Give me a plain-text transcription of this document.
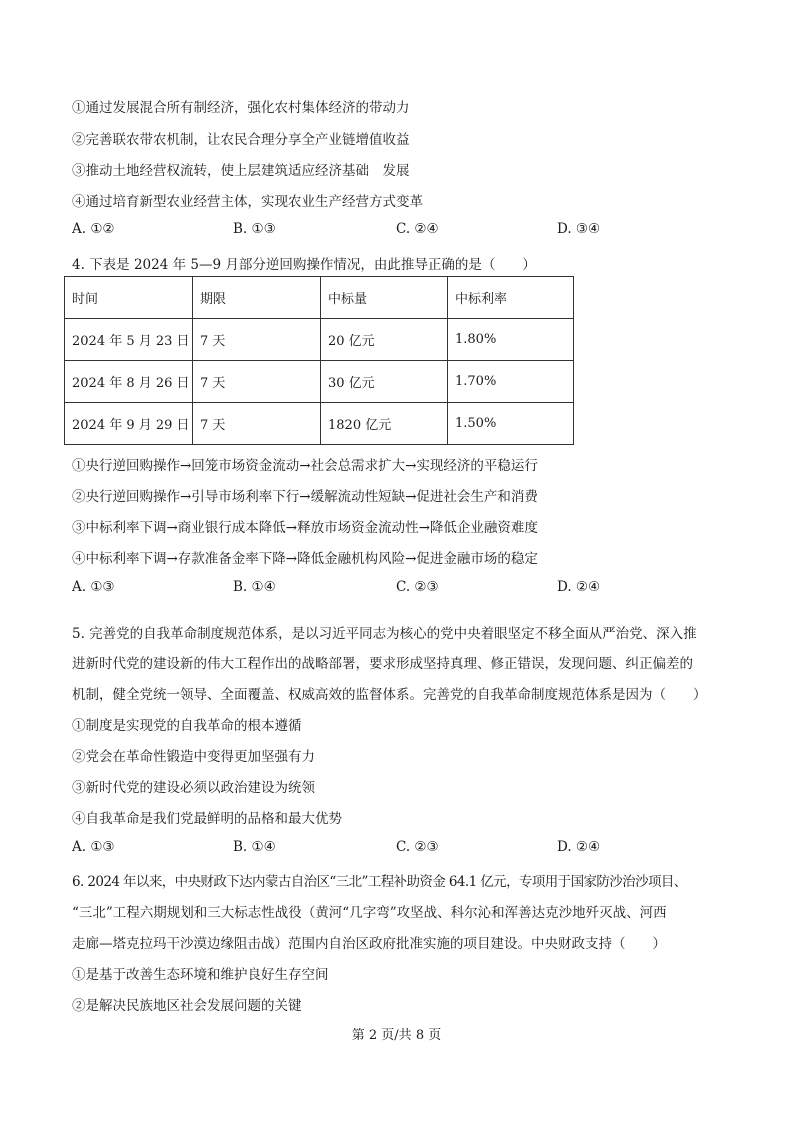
①通过发展混合所有制经济，强化农村集体经济的带动力
②完善联农带农机制，让农民合理分享全产业链增值收益
③推动土地经营权流转，使上层建筑适应经济基础　发展
④通过培育新型农业经营主体，实现农业生产经营方式变革
A. ①②	B. ①③	C. ②④	D. ③④
4. 下表是 2024 年 5—9 月部分逆回购操作情况，由此推导正确的是（　　）
时间	期限	中标量	中标利率
2024 年 5 月 23 日	7 天	20 亿元	1.80%
2024 年 8 月 26 日	7 天	30 亿元	1.70%
2024 年 9 月 29 日	7 天	1820 亿元	1.50%
①央行逆回购操作→回笼市场资金流动→社会总需求扩大→实现经济的平稳运行
②央行逆回购操作→引导市场利率下行→缓解流动性短缺→促进社会生产和消费
③中标利率下调→商业银行成本降低→释放市场资金流动性→降低企业融资难度
④中标利率下调→存款准备金率下降→降低金融机构风险→促进金融市场的稳定
A. ①③	B. ①④	C. ②③	D. ②④
5. 完善党的自我革命制度规范体系，是以习近平同志为核心的党中央着眼坚定不移全面从严治党、深入推
进新时代党的建设新的伟大工程作出的战略部署，要求形成坚持真理、修正错误，发现问题、纠正偏差的
机制，健全党统一领导、全面覆盖、权威高效的监督体系。完善党的自我革命制度规范体系是因为（　　）
①制度是实现党的自我革命的根本遵循
②党会在革命性锻造中变得更加坚强有力
③新时代党的建设必须以政治建设为统领
④自我革命是我们党最鲜明的品格和最大优势
A. ①③	B. ①④	C. ②③	D. ②④
6. 2024 年以来，中央财政下达内蒙古自治区“三北”工程补助资金 64.1 亿元，专项用于国家防沙治沙项目、
“三北”工程六期规划和三大标志性战役（黄河“几字弯”攻坚战、科尔沁和浑善达克沙地歼灭战、河西
走廊—塔克拉玛干沙漠边缘阻击战）范围内自治区政府批准实施的项目建设。中央财政支持（　　）
①是基于改善生态环境和维护良好生存空间
②是解决民族地区社会发展问题的关键
第 2 页/共 8 页
